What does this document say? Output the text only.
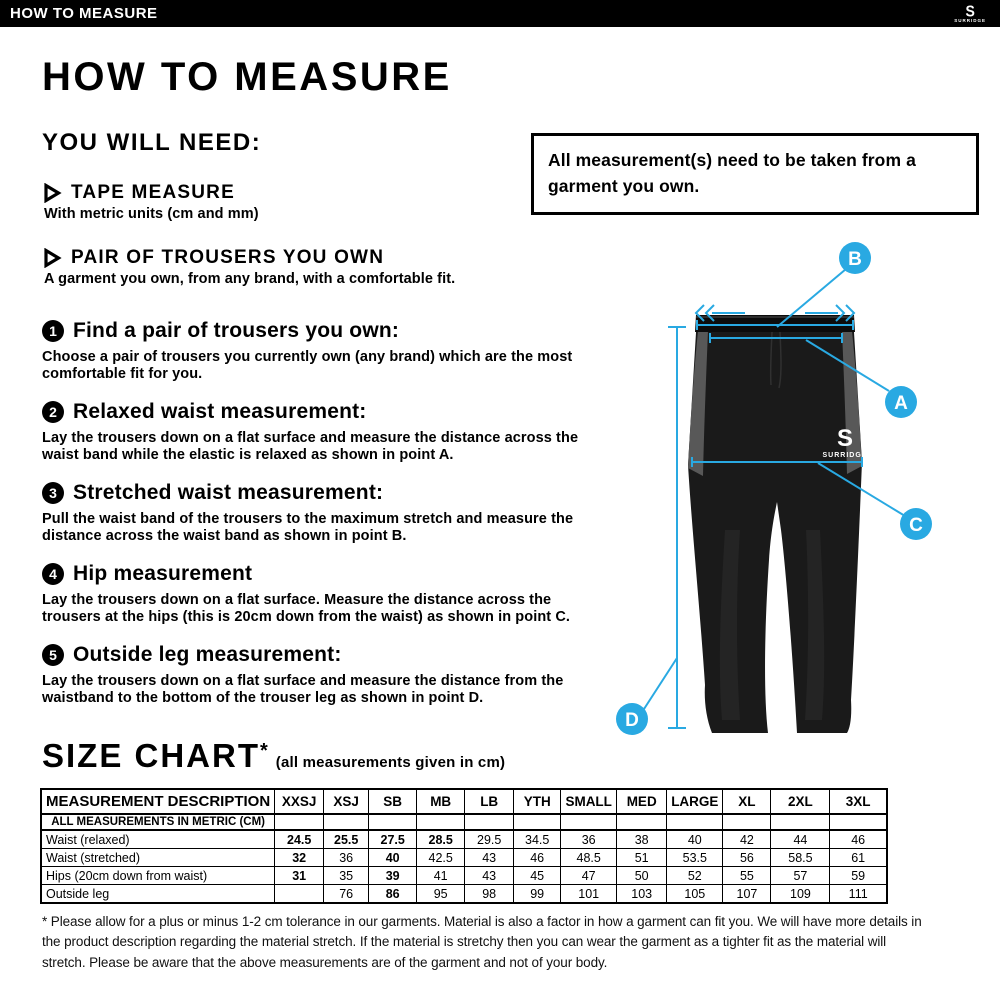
HOW TO MEASURE	S
SURRIDGE
HOW TO MEASURE
YOU WILL NEED:
TAPE MEASURE
With metric units (cm and mm)
PAIR OF TROUSERS YOU OWN
A garment you own, from any brand, with a comfortable fit.
1 Find a pair of trousers you own:

Choose a pair of trousers you currently own (any brand) which are the most comfortable fit for you.

2 Relaxed waist measurement:

Lay the trousers down on a flat surface and measure the distance across the waist band while the elastic is relaxed as shown in point A.

3 Stretched waist measurement:

Pull the waist band of the trousers to the maximum stretch and measure the distance across the waist band as shown in point B.

4 Hip measurement

Lay the trousers down on a flat surface. Measure the distance across the trousers at the hips (this is 20cm down from the waist) as shown in point C.

5 Outside leg measurement:

Lay the trousers down on a flat surface and measure the distance from the waistband to the bottom of the trouser leg as shown in point D.

SIZE CHART *
(all measurements given in cm)

All measurement(s) need to be taken from a garment you own.

S
SURRIDGE
B
A
C
D
MEASUREMENT DESCRIPTION	XXSJ	XSJ	SB	MB	LB	YTH	SMALL	MED	LARGE	XL	2XL	3XL
ALL MEASUREMENTS IN METRIC (CM)												
Waist (relaxed)	24.5	25.5	27.5	28.5	29.5	34.5	36	38	40	42	44	46
Waist (stretched)	32	36	40	42.5	43	46	48.5	51	53.5	56	58.5	61
Hips (20cm down from waist)	31	35	39	41	43	45	47	50	52	55	57	59
Outside leg		76	86	95	98	99	101	103	105	107	109	111

* Please allow for a plus or minus 1-2 cm tolerance in our garments. Material is also a factor in how a garment can fit you. We will have more details in the product description regarding the material stretch. If the material is stretchy then you can wear the garment as a tighter fit as the material will stretch. Please be aware that the above measurements are of the garment and not of your body.
